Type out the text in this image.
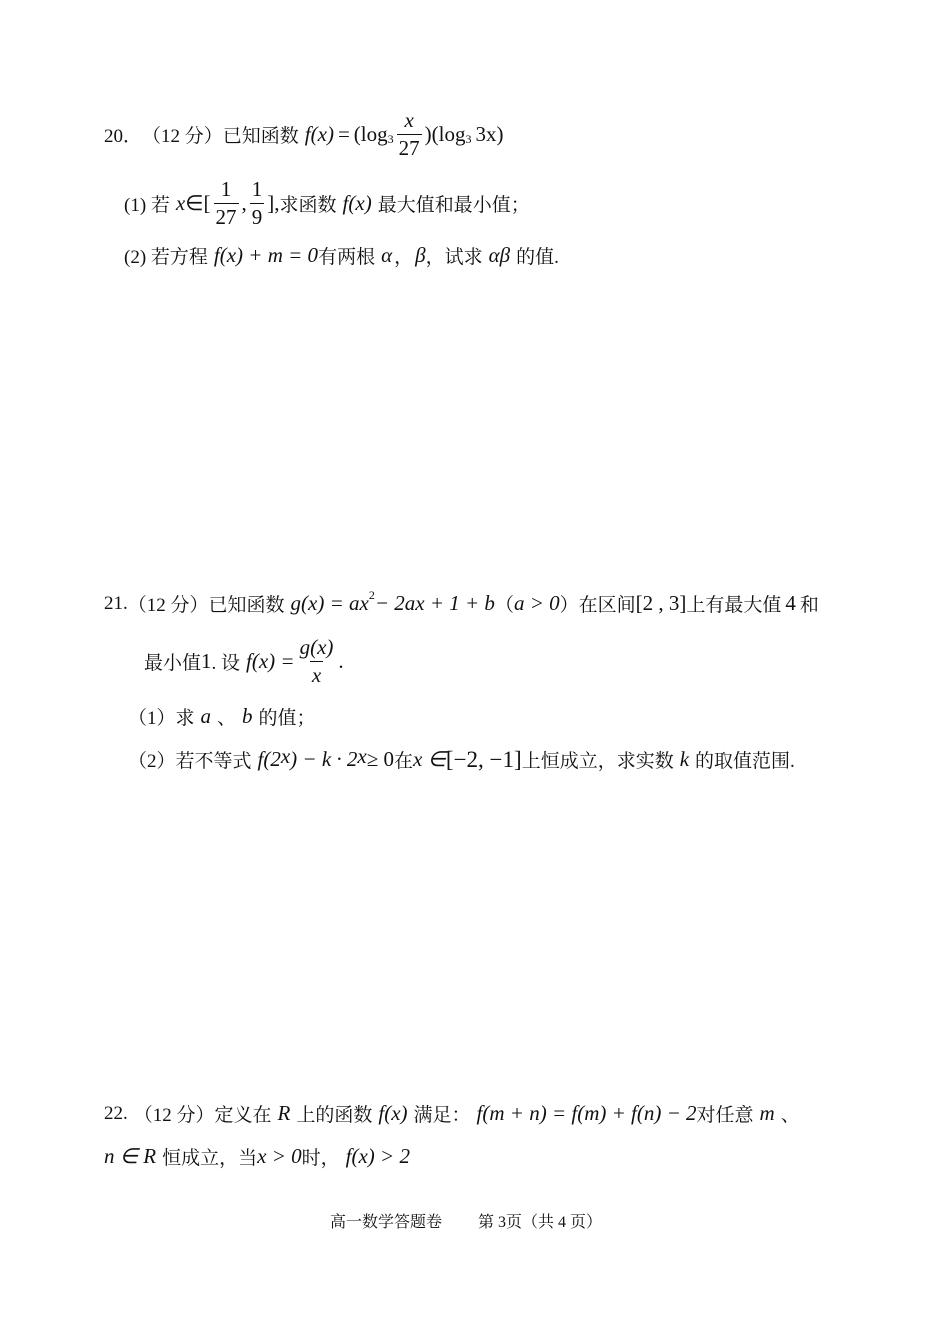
20． （12 分） 已知函数 $f(x) = (\log_3 \frac{x}{27} )(\log_3$ 3x)
(1) 若 x ∈[ $\frac{1}{27}$ , $\frac{1}{9}$ ], 求函数 f(x) 最大值和最小值；
(2) 若方程 f(x) + m = 0 有两根 α ， β ，试求 αβ 的值.
21. （12 分） 已知函数 $g(x) = ax^2 - 2ax + 1 + b$ （ a > 0 ） 在区间 [2 , 3] 上有最大值 4 和
最小值 1 . 设 $f(x) = \frac{g(x)}{x}$ .
（1）求 a 、 b 的值；
（2）若不等式 f(2 x ) − k · 2 x ≥ 0 在 x ∈ [−2, −1] 上恒成立，求实数 k 的取值范围.
22. （12 分） 定义在 R 上的函数 f(x) 满足： f(m + n) = f(m) + f(n) − 2 对任意 m 、
n ∈ R 恒成立，当 x > 0 时， f(x) > 2
高一数学答题卷 第 3页（共 4 页）
